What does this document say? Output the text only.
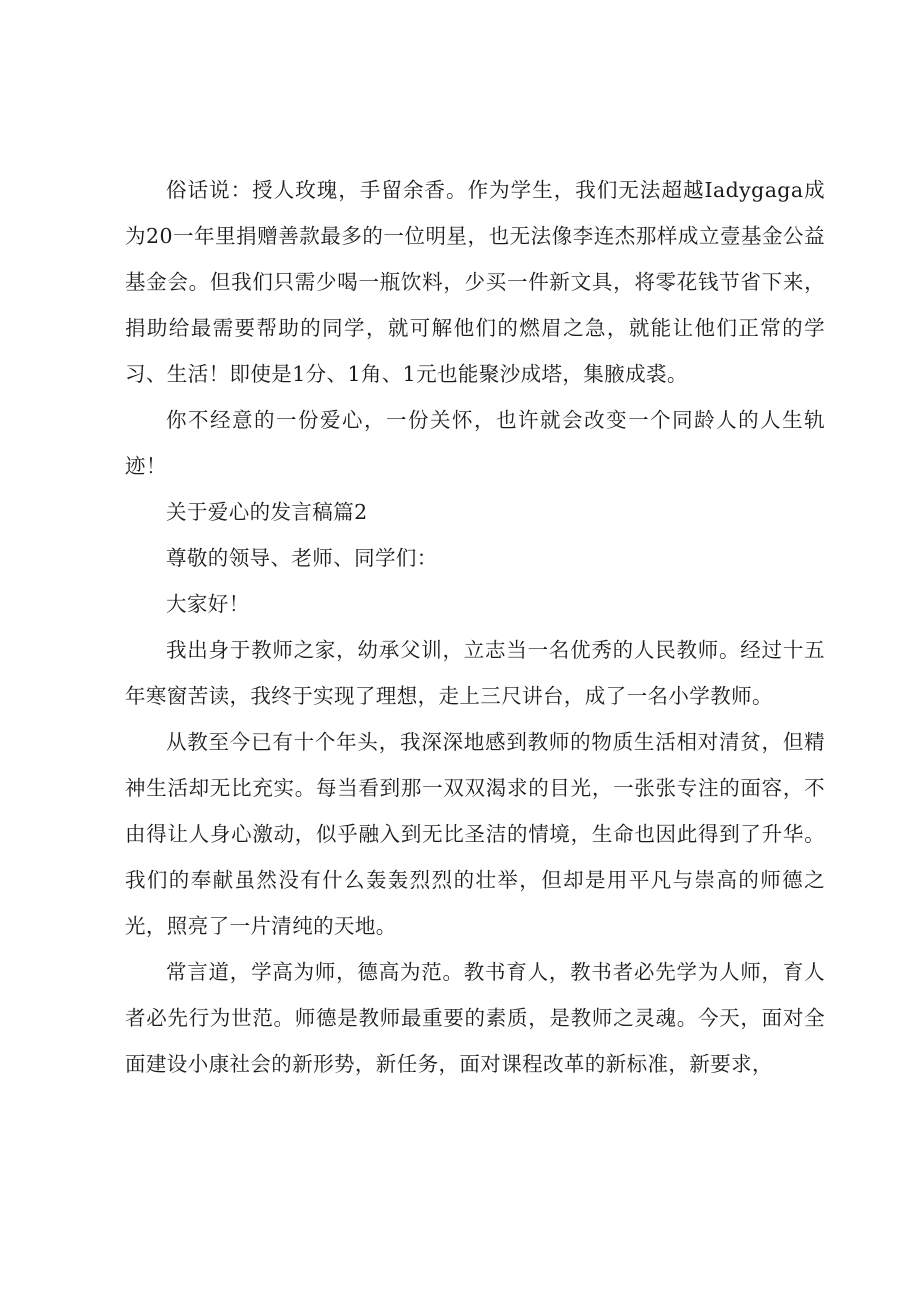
俗话说：授人玫瑰，手留余香。作为学生，我们无法超越Iadygaga成为20一年里捐赠善款最多的一位明星，也无法像李连杰那样成立壹基金公益基金会。但我们只需少喝一瓶饮料，少买一件新文具，将零花钱节省下来，捐助给最需要帮助的同学，就可解他们的燃眉之急，就能让他们正常的学习、生活！即使是1分、1角、1元也能聚沙成塔，集腋成裘。

你不经意的一份爱心，一份关怀，也许就会改变一个同龄人的人生轨迹！

关于爱心的发言稿篇2

尊敬的领导、老师、同学们：

大家好！

我出身于教师之家，幼承父训，立志当一名优秀的人民教师。经过十五年寒窗苦读，我终于实现了理想，走上三尺讲台，成了一名小学教师。

从教至今已有十个年头，我深深地感到教师的物质生活相对清贫，但精神生活却无比充实。每当看到那一双双渴求的目光，一张张专注的面容，不由得让人身心激动，似乎融入到无比圣洁的情境，生命也因此得到了升华。我们的奉献虽然没有什么轰轰烈烈的壮举，但却是用平凡与崇高的师德之光，照亮了一片清纯的天地。

常言道，学高为师，德高为范。教书育人，教书者必先学为人师，育人者必先行为世范。师德是教师最重要的素质，是教师之灵魂。今天，面对全面建设小康社会的新形势，新任务，面对课程改革的新标准，新要求，
